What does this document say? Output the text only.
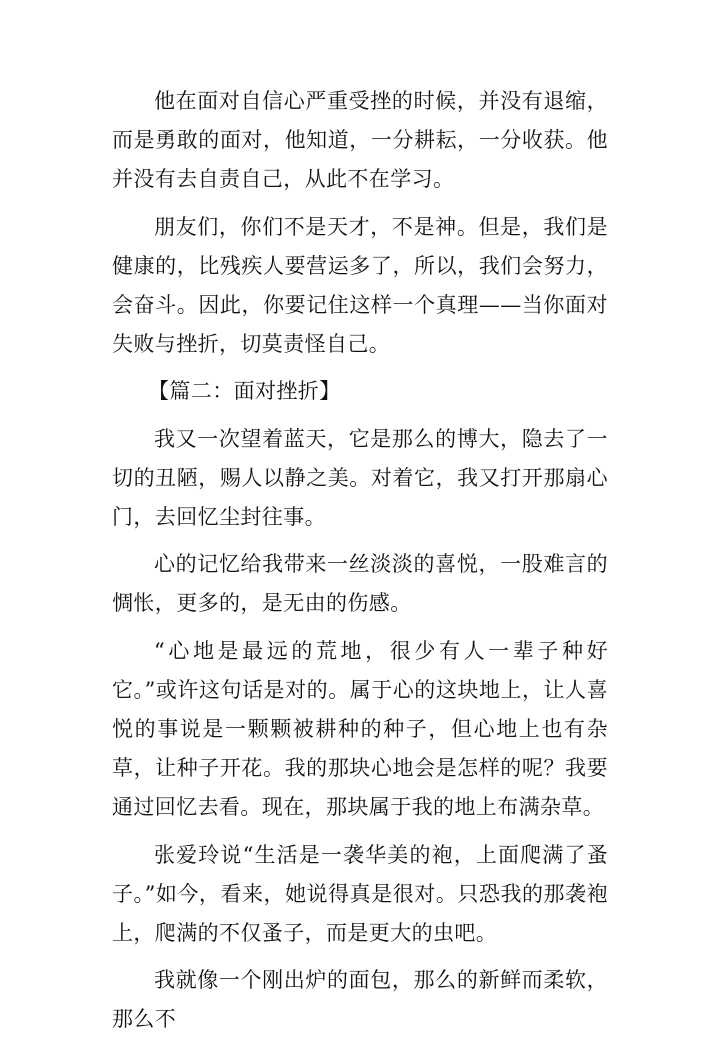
他在面对自信心严重受挫的时候，并没有退缩，而是勇敢的面对，他知道，一分耕耘，一分收获。他并没有去自责自己，从此不在学习。

朋友们，你们不是天才，不是神。但是，我们是健康的，比残疾人要营运多了，所以，我们会努力，会奋斗。因此，你要记住这样一个真理——当你面对失败与挫折，切莫责怪自己。

【篇二：面对挫折】

我又一次望着蓝天，它是那么的博大，隐去了一切的丑陋，赐人以静之美。对着它，我又打开那扇心门，去回忆尘封往事。

心的记忆给我带来一丝淡淡的喜悦，一股难言的惆怅，更多的，是无由的伤感。

“心地是最远的荒地，很少有人一辈子种好它。”或许这句话是对的。属于心的这块地上，让人喜悦的事说是一颗颗被耕种的种子，但心地上也有杂草，让种子开花。我的那块心地会是怎样的呢？我要通过回忆去看。现在，那块属于我的地上布满杂草。

张爱玲说“生活是一袭华美的袍，上面爬满了蚤子。”如今，看来，她说得真是很对。只恐我的那袭袍上，爬满的不仅蚤子，而是更大的虫吧。

我就像一个刚出炉的面包，那么的新鲜而柔软，那么不
